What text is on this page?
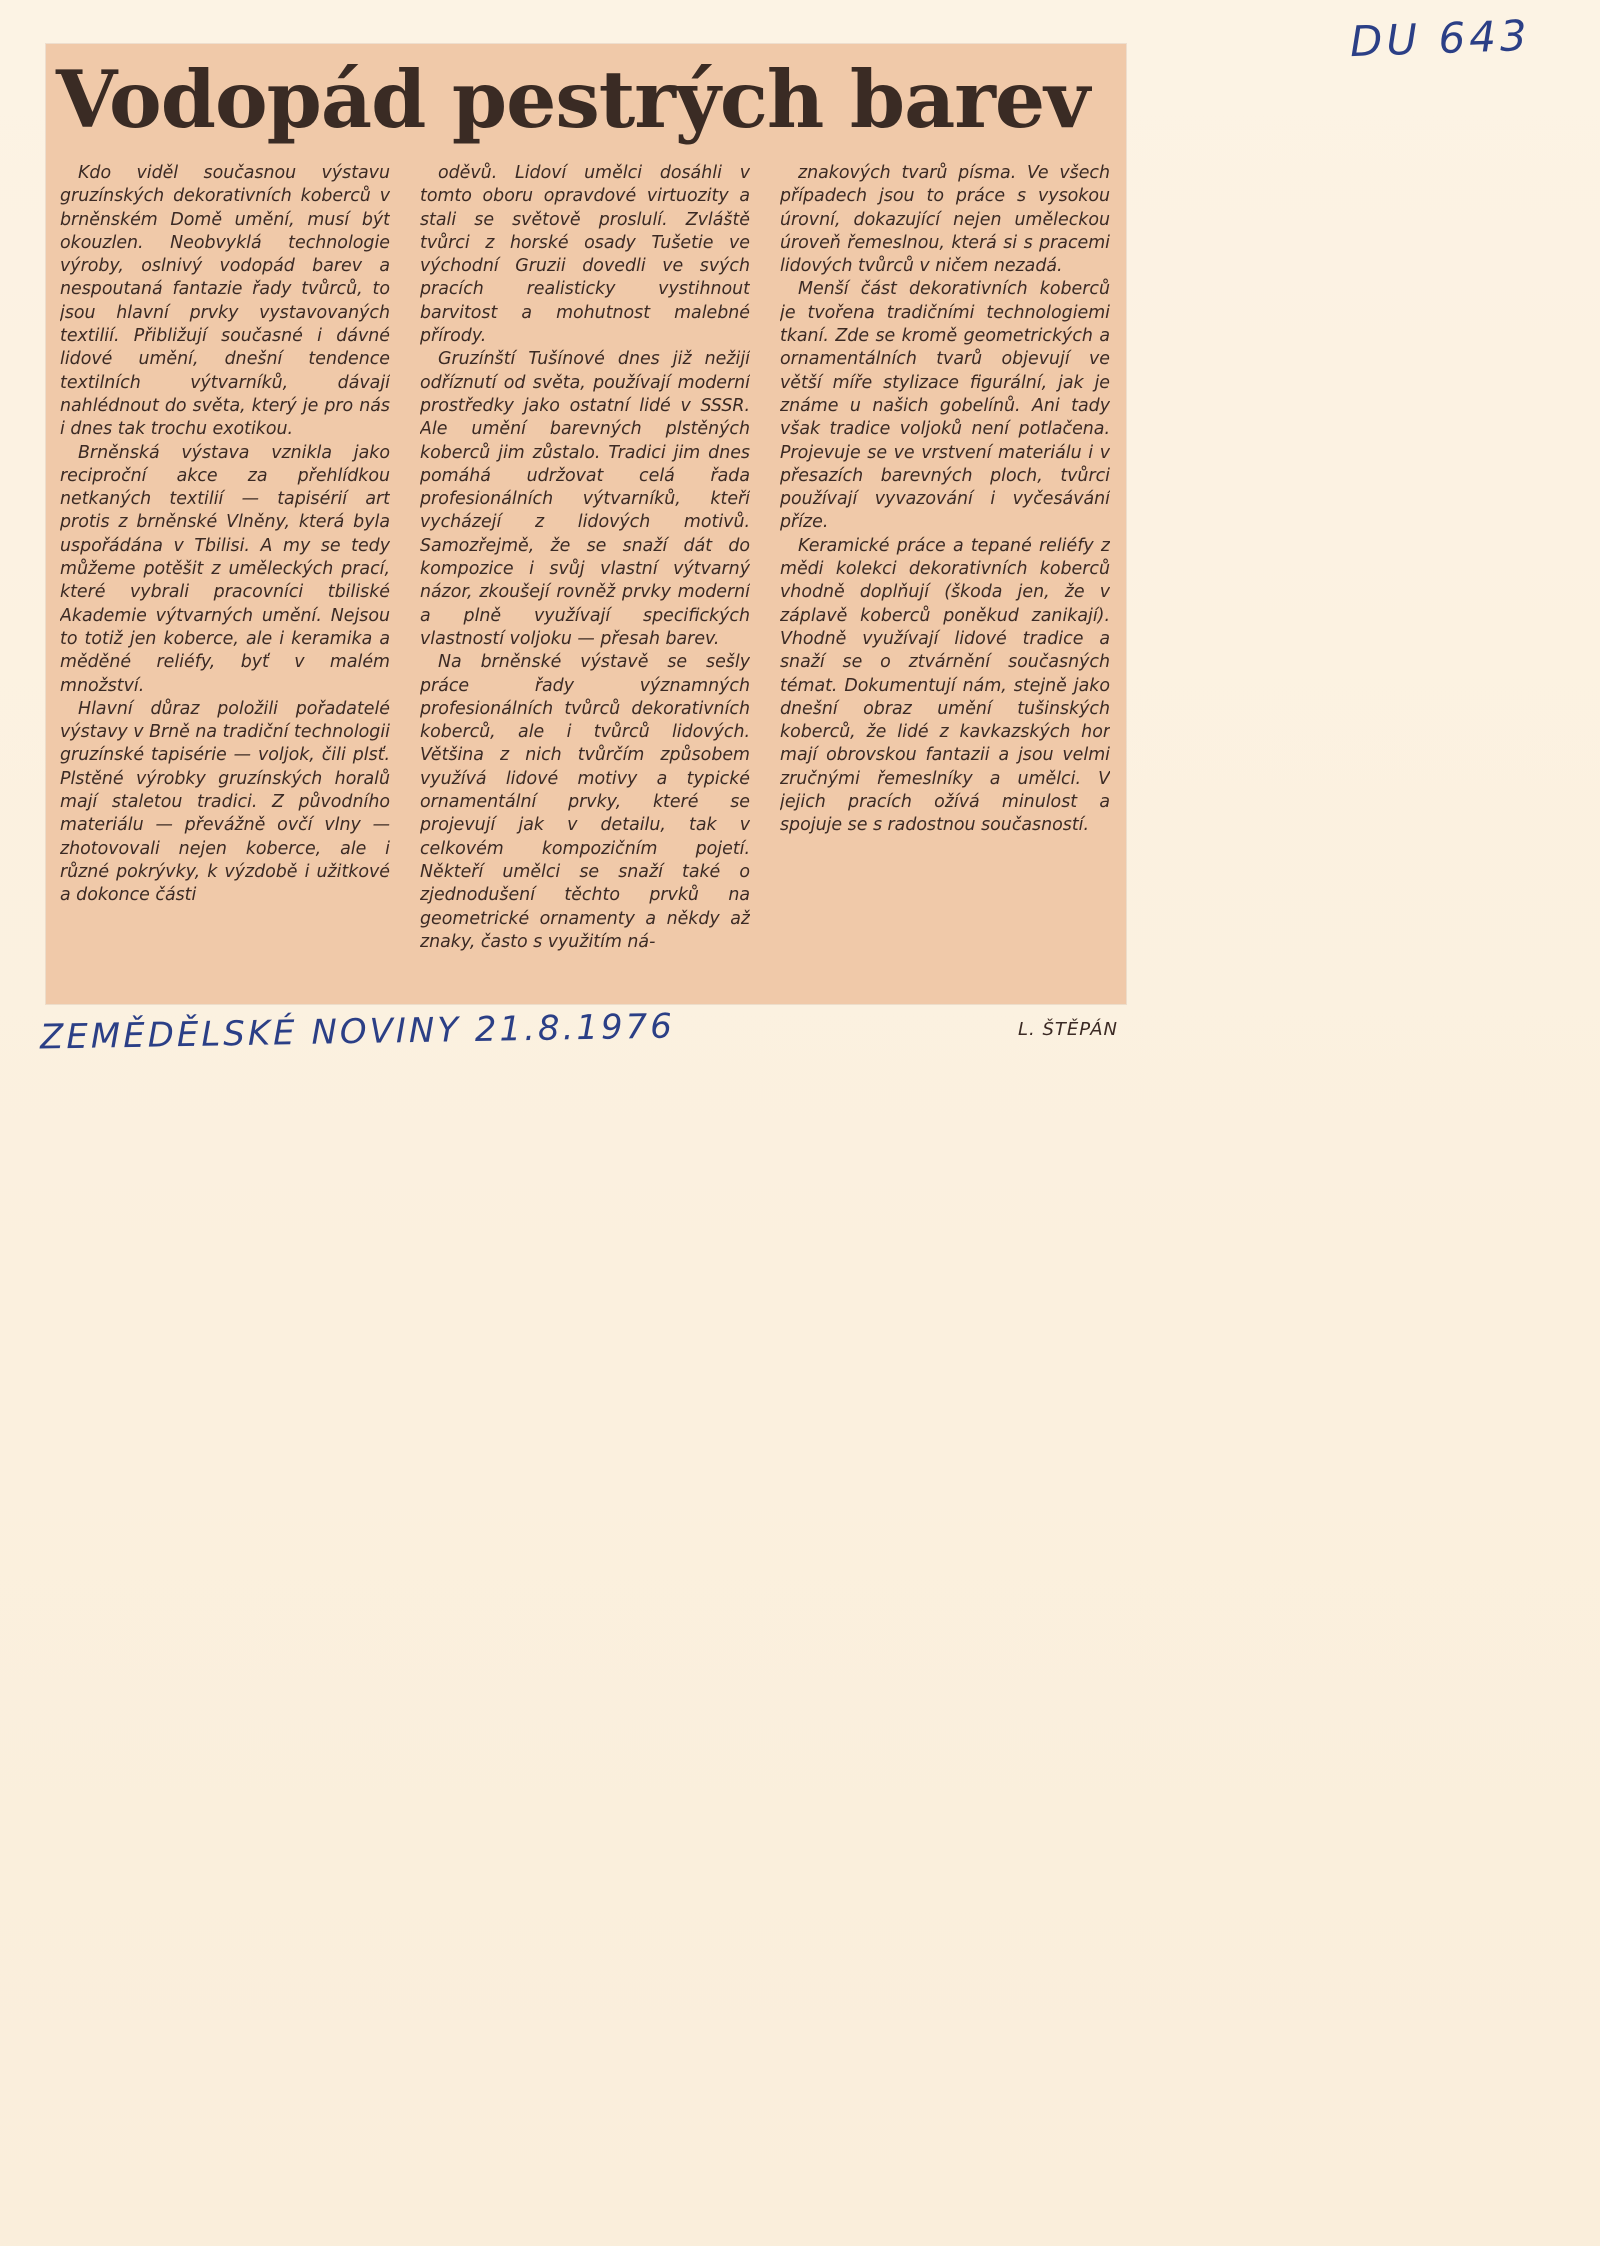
DU 643
Vodopád pestrých barev

Kdo viděl současnou výstavu gruzínských dekorativních koberců v brněnském Domě umění, musí být okouzlen. Neobvyklá technologie výroby, oslnivý vodopád barev a nespoutaná fantazie řady tvůrců, to jsou hlavní prvky vystavovaných textilií. Přibližují současné i dávné lidové umění, dnešní tendence textilních výtvarníků, dávají nahlédnout do světa, který je pro nás i dnes tak trochu exotikou.

Brněnská výstava vznikla jako reciproční akce za přehlídkou netkaných textilií — tapisérií art protis z brněnské Vlněny, která byla uspořádána v Tbilisi. A my se tedy můžeme potěšit z uměleckých prací, které vybrali pracovníci tbiliské Akademie výtvarných umění. Nejsou to totiž jen koberce, ale i keramika a měděné reliéfy, byť v malém množství.

Hlavní důraz položili pořadatelé výstavy v Brně na tradiční technologii gruzínské tapisérie — voljok, čili plsť. Plstěné výrobky gruzínských horalů mají staletou tradici. Z původního materiálu — převážně ovčí vlny — zhotovovali nejen koberce, ale i různé pokrývky, k výzdobě i užitkové a dokonce části

oděvů. Lidoví umělci dosáhli v tomto oboru opravdové virtuozity a stali se světově proslulí. Zvláště tvůrci z horské osady Tušetie ve východní Gruzii dovedli ve svých pracích realisticky vystihnout barvitost a mohutnost malebné přírody.

Gruzínští Tušínové dnes již nežijí odříznutí od světa, používají moderní prostředky jako ostatní lidé v SSSR. Ale umění barevných plstěných koberců jim zůstalo. Tradici jim dnes pomáhá udržovat celá řada profesionálních výtvarníků, kteří vycházejí z lidových motivů. Samozřejmě, že se snaží dát do kompozice i svůj vlastní výtvarný názor, zkoušejí rovněž prvky moderní a plně využívají specifických vlastností voljoku — přesah barev.

Na brněnské výstavě se sešly práce řady významných profesionálních tvůrců dekorativních koberců, ale i tvůrců lidových. Většina z nich tvůrčím způsobem využívá lidové motivy a typické ornamentální prvky, které se projevují jak v detailu, tak v celkovém kompozičním pojetí. Někteří umělci se snaží také o zjednodušení těchto prvků na geometrické ornamenty a někdy až znaky, často s využitím ná-

znakových tvarů písma. Ve všech případech jsou to práce s vysokou úrovní, dokazující nejen uměleckou úroveň řemeslnou, která si s pracemi lidových tvůrců v ničem nezadá.

Menší část dekorativních koberců je tvořena tradičními technologiemi tkaní. Zde se kromě geometrických a ornamentálních tvarů objevují ve větší míře stylizace figurální, jak je známe u našich gobelínů. Ani tady však tradice voljoků není potlačena. Projevuje se ve vrstvení materiálu i v přesazích barevných ploch, tvůrci používají vyvazování i vyčesávání příze.

Keramické práce a tepané reliéfy z mědi kolekci dekorativních koberců vhodně doplňují (škoda jen, že v záplavě koberců poněkud zanikají). Vhodně využívají lidové tradice a snaží se o ztvárnění současných témat. Dokumentují nám, stejně jako dnešní obraz umění tušinských koberců, že lidé z kavkazských hor mají obrovskou fantazii a jsou velmi zručnými řemeslníky a umělci. V jejich pracích ožívá minulost a spojuje se s radostnou současností.

L. ŠTĚPÁN
ZEMĚDĚLSKÉ NOVINY 21.8.1976
